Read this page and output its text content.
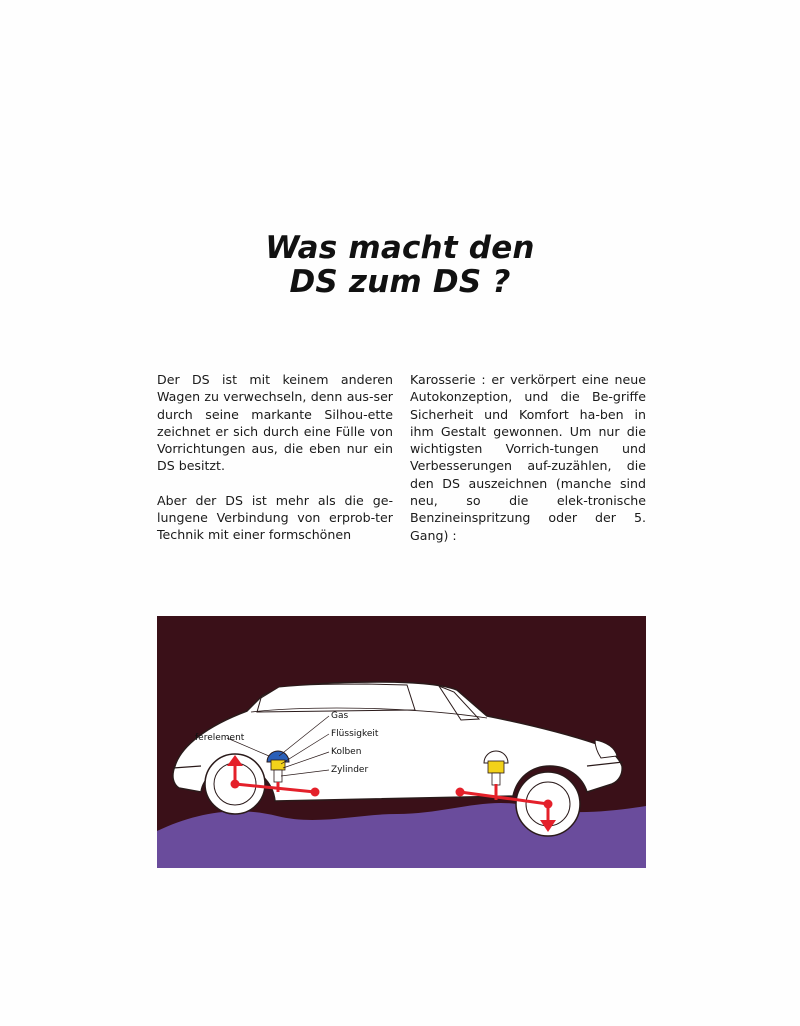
Was macht den
DS zum DS ?

Der DS ist mit keinem anderen Wagen zu verwechseln, denn aus-ser durch seine markante Silhou-ette zeichnet er sich durch eine Fülle von Vorrichtungen aus, die eben nur ein DS besitzt.

Aber der DS ist mehr als die ge-lungene Verbindung von erprob-ter Technik mit einer formschönen

Karosserie : er verkörpert eine neue Autokonzeption, und die Be-griffe Sicherheit und Komfort ha-ben in ihm Gestalt gewonnen. Um nur die wichtigsten Vorrich-tungen und Verbesserungen auf-zuzählen, die den DS auszeichnen (manche sind neu, so die elek-tronische Benzineinspritzung oder der 5. Gang) :

Gas
Flüssigkeit
Kolben
Zylinder
ferelement
